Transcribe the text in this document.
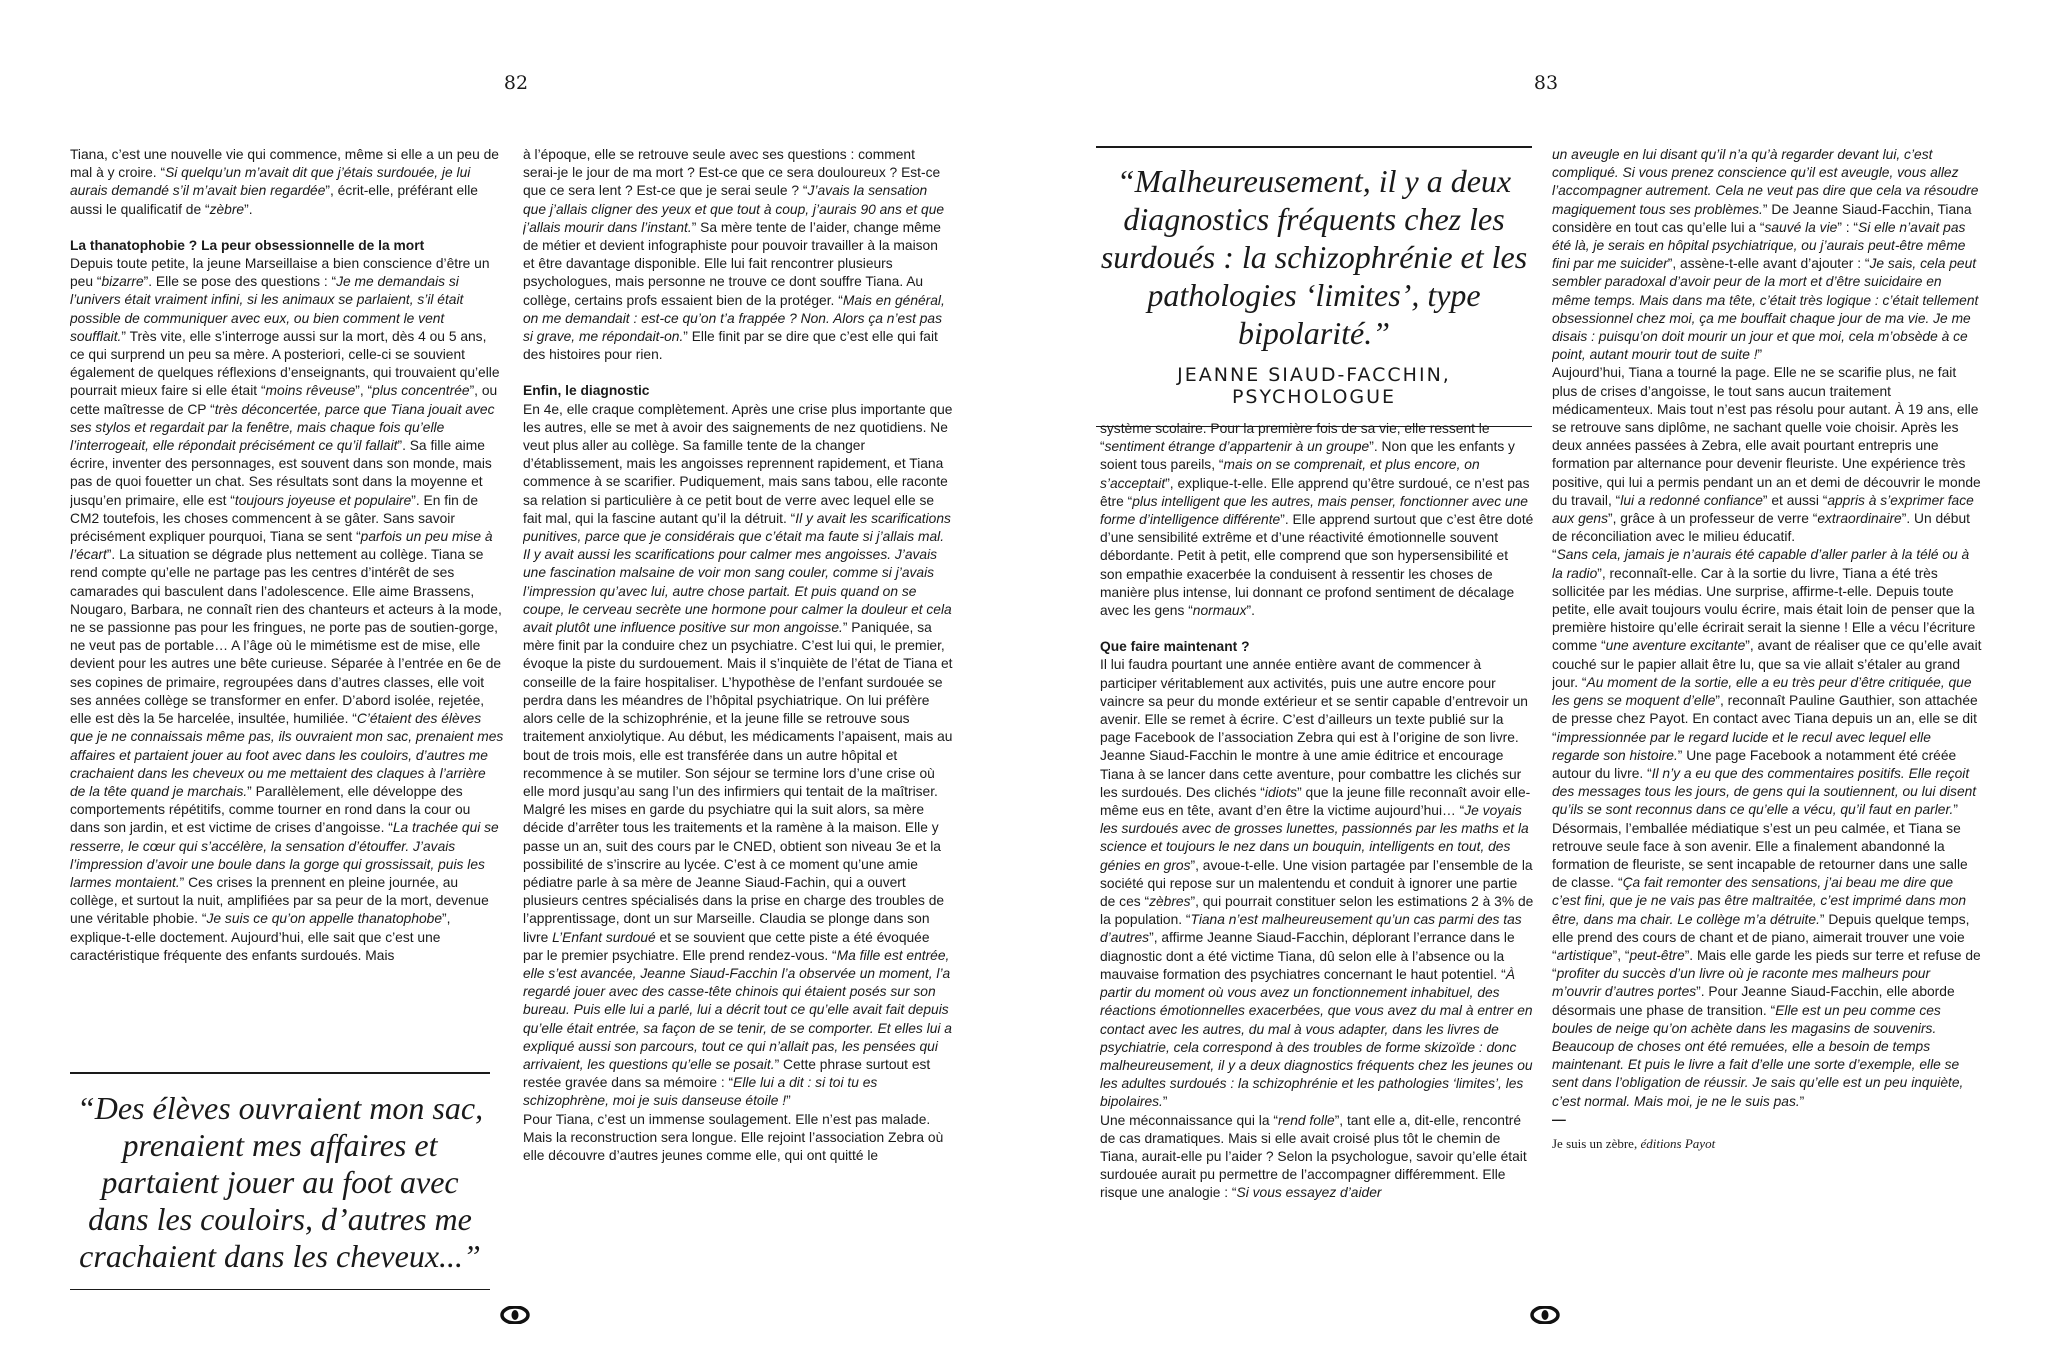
82	83

Tiana, c’est une nouvelle vie qui commence, même si elle a un peu de mal à y croire. “Si quelqu’un m’avait dit que j’étais surdouée, je lui aurais demandé s’il m’avait bien regardée”, écrit-elle, préférant elle aussi le qualificatif de “zèbre”.

La thanatophobie ? La peur obsessionnelle de la mort

Depuis toute petite, la jeune Marseillaise a bien conscience d’être un peu “bizarre”. Elle se pose des questions : “Je me demandais si l’univers était vraiment infini, si les animaux se parlaient, s’il était possible de communiquer avec eux, ou bien comment le vent soufflait.” Très vite, elle s’interroge aussi sur la mort, dès 4 ou 5 ans, ce qui surprend un peu sa mère. A posteriori, celle-ci se souvient également de quelques réflexions d’enseignants, qui trouvaient qu’elle pourrait mieux faire si elle était “moins rêveuse”, “plus concentrée”, ou cette maîtresse de CP “très déconcertée, parce que Tiana jouait avec ses stylos et regardait par la fenêtre, mais chaque fois qu’elle l’interrogeait, elle répondait précisément ce qu’il fallait”. Sa fille aime écrire, inventer des personnages, est souvent dans son monde, mais pas de quoi fouetter un chat. Ses résultats sont dans la moyenne et jusqu’en primaire, elle est “toujours joyeuse et populaire”. En fin de CM2 toutefois, les choses commencent à se gâter. Sans savoir précisément expliquer pourquoi, Tiana se sent “parfois un peu mise à l’écart”. La situation se dégrade plus nettement au collège. Tiana se rend compte qu’elle ne partage pas les centres d’intérêt de ses camarades qui basculent dans l’adolescence. Elle aime Brassens, Nougaro, Barbara, ne connaît rien des chanteurs et acteurs à la mode, ne se passionne pas pour les fringues, ne porte pas de soutien-gorge, ne veut pas de portable… A l’âge où le mimétisme est de mise, elle devient pour les autres une bête curieuse. Séparée à l’entrée en 6e de ses copines de primaire, regroupées dans d’autres classes, elle voit ses années collège se transformer en enfer. D’abord isolée, rejetée, elle est dès la 5e harcelée, insultée, humiliée. “C’étaient des élèves que je ne connaissais même pas, ils ouvraient mon sac, prenaient mes affaires et partaient jouer au foot avec dans les couloirs, d’autres me crachaient dans les cheveux ou me mettaient des claques à l’arrière de la tête quand je marchais.” Parallèlement, elle développe des comportements répétitifs, comme tourner en rond dans la cour ou dans son jardin, et est victime de crises d’angoisse. “La trachée qui se resserre, le cœur qui s’accélère, la sensation d’étouffer. J’avais l’impression d’avoir une boule dans la gorge qui grossissait, puis les larmes montaient.” Ces crises la prennent en pleine journée, au collège, et surtout la nuit, amplifiées par sa peur de la mort, devenue une véritable phobie. “Je suis ce qu’on appelle thanatophobe”, explique-t-elle doctement. Aujourd’hui, elle sait que c’est une caractéristique fréquente des enfants surdoués. Mais

“Des élèves ouvraient mon sac, prenaient mes affaires et partaient jouer au foot avec dans les couloirs, d’autres me crachaient dans les cheveux...”

à l’époque, elle se retrouve seule avec ses questions : comment serai-je le jour de ma mort ? Est-ce que ce sera douloureux ? Est-ce que ce sera lent ? Est-ce que je serai seule ? “J’avais la sensation que j’allais cligner des yeux et que tout à coup, j’aurais 90 ans et que j’allais mourir dans l’instant.” Sa mère tente de l’aider, change même de métier et devient infographiste pour pouvoir travailler à la maison et être davantage disponible. Elle lui fait rencontrer plusieurs psychologues, mais personne ne trouve ce dont souffre Tiana. Au collège, certains profs essaient bien de la protéger. “Mais en général, on me demandait : est-ce qu’on t’a frappée ? Non. Alors ça n’est pas si grave, me répondait-on.” Elle finit par se dire que c’est elle qui fait des histoires pour rien.

Enfin, le diagnostic

En 4e, elle craque complètement. Après une crise plus importante que les autres, elle se met à avoir des saignements de nez quotidiens. Ne veut plus aller au collège. Sa famille tente de la changer d’établissement, mais les angoisses reprennent rapidement, et Tiana commence à se scarifier. Pudiquement, mais sans tabou, elle raconte sa relation si particulière à ce petit bout de verre avec lequel elle se fait mal, qui la fascine autant qu’il la détruit. “Il y avait les scarifications punitives, parce que je considérais que c’était ma faute si j’allais mal. Il y avait aussi les scarifications pour calmer mes angoisses. J’avais une fascination malsaine de voir mon sang couler, comme si j’avais l’impression qu’avec lui, autre chose partait. Et puis quand on se coupe, le cerveau secrète une hormone pour calmer la douleur et cela avait plutôt une influence positive sur mon angoisse.” Paniquée, sa mère finit par la conduire chez un psychiatre. C’est lui qui, le premier, évoque la piste du surdouement. Mais il s’inquiète de l’état de Tiana et conseille de la faire hospitaliser. L’hypothèse de l’enfant surdouée se perdra dans les méandres de l’hôpital psychiatrique. On lui préfère alors celle de la schizophrénie, et la jeune fille se retrouve sous traitement anxiolytique. Au début, les médicaments l’apaisent, mais au bout de trois mois, elle est transférée dans un autre hôpital et recommence à se mutiler. Son séjour se termine lors d’une crise où elle mord jusqu’au sang l’un des infirmiers qui tentait de la maîtriser. Malgré les mises en garde du psychiatre qui la suit alors, sa mère décide d’arrêter tous les traitements et la ramène à la maison. Elle y passe un an, suit des cours par le CNED, obtient son niveau 3e et la possibilité de s’inscrire au lycée. C’est à ce moment qu’une amie pédiatre parle à sa mère de Jeanne Siaud-Fachin, qui a ouvert plusieurs centres spécialisés dans la prise en charge des troubles de l’apprentissage, dont un sur Marseille. Claudia se plonge dans son livre L’Enfant surdoué et se souvient que cette piste a été évoquée par le premier psychiatre. Elle prend rendez-vous. “Ma fille est entrée, elle s’est avancée, Jeanne Siaud-Facchin l’a observée un moment, l’a regardé jouer avec des casse-tête chinois qui étaient posés sur son bureau. Puis elle lui a parlé, lui a décrit tout ce qu’elle avait fait depuis qu’elle était entrée, sa façon de se tenir, de se comporter. Et elles lui a expliqué aussi son parcours, tout ce qui n’allait pas, les pensées qui arrivaient, les questions qu’elle se posait.” Cette phrase surtout est restée gravée dans sa mémoire : “Elle lui a dit : si toi tu es schizophrène, moi je suis danseuse étoile !”

Pour Tiana, c’est un immense soulagement. Elle n’est pas malade. Mais la reconstruction sera longue. Elle rejoint l’association Zebra où elle découvre d’autres jeunes comme elle, qui ont quitté le

“Malheureusement, il y a deux diagnostics fréquents chez les surdoués : la schizophrénie et les pathologies ‘limites’, type bipolarité.”
JEANNE SIAUD-FACCHIN, PSYCHOLOGUE

système scolaire. Pour la première fois de sa vie, elle ressent le “sentiment étrange d’appartenir à un groupe”. Non que les enfants y soient tous pareils, “mais on se comprenait, et plus encore, on s’acceptait”, explique-t-elle. Elle apprend qu’être surdoué, ce n’est pas être “plus intelligent que les autres, mais penser, fonctionner avec une forme d’intelligence différente”. Elle apprend surtout que c’est être doté d’une sensibilité extrême et d’une réactivité émotionnelle souvent débordante. Petit à petit, elle comprend que son hypersensibilité et son empathie exacerbée la conduisent à ressentir les choses de manière plus intense, lui donnant ce profond sentiment de décalage avec les gens “normaux”.

Que faire maintenant ?

Il lui faudra pourtant une année entière avant de commencer à participer véritablement aux activités, puis une autre encore pour vaincre sa peur du monde extérieur et se sentir capable d’entrevoir un avenir. Elle se remet à écrire. C’est d’ailleurs un texte publié sur la page Facebook de l’association Zebra qui est à l’origine de son livre. Jeanne Siaud-Facchin le montre à une amie éditrice et encourage Tiana à se lancer dans cette aventure, pour combattre les clichés sur les surdoués. Des clichés “idiots” que la jeune fille reconnaît avoir elle-même eus en tête, avant d’en être la victime aujourd’hui… “Je voyais les surdoués avec de grosses lunettes, passionnés par les maths et la science et toujours le nez dans un bouquin, intelligents en tout, des génies en gros”, avoue-t-elle. Une vision partagée par l’ensemble de la société qui repose sur un malentendu et conduit à ignorer une partie de ces “zèbres”, qui pourrait constituer selon les estimations 2 à 3% de la population. “Tiana n’est malheureusement qu’un cas parmi des tas d’autres”, affirme Jeanne Siaud-Facchin, déplorant l’errance dans le diagnostic dont a été victime Tiana, dû selon elle à l’absence ou la mauvaise formation des psychiatres concernant le haut potentiel. “À partir du moment où vous avez un fonctionnement inhabituel, des réactions émotionnelles exacerbées, que vous avez du mal à entrer en contact avec les autres, du mal à vous adapter, dans les livres de psychiatrie, cela correspond à des troubles de forme skizoïde : donc malheureusement, il y a deux diagnostics fréquents chez les jeunes ou les adultes surdoués : la schizophrénie et les pathologies ‘limites’, les bipolaires.”

Une méconnaissance qui la “rend folle”, tant elle a, dit-elle, rencontré de cas dramatiques. Mais si elle avait croisé plus tôt le chemin de Tiana, aurait-elle pu l’aider ? Selon la psychologue, savoir qu’elle était surdouée aurait pu permettre de l’accompagner différemment. Elle risque une analogie : “Si vous essayez d’aider

un aveugle en lui disant qu’il n’a qu’à regarder devant lui, c’est compliqué. Si vous prenez conscience qu’il est aveugle, vous allez l’accompagner autrement. Cela ne veut pas dire que cela va résoudre magiquement tous ses problèmes.” De Jeanne Siaud-Facchin, Tiana considère en tout cas qu’elle lui a “sauvé la vie” : “Si elle n’avait pas été là, je serais en hôpital psychiatrique, ou j’aurais peut-être même fini par me suicider”, assène-t-elle avant d’ajouter : “Je sais, cela peut sembler paradoxal d’avoir peur de la mort et d’être suicidaire en même temps. Mais dans ma tête, c’était très logique : c’était tellement obsessionnel chez moi, ça me bouffait chaque jour de ma vie. Je me disais : puisqu’on doit mourir un jour et que moi, cela m’obsède à ce point, autant mourir tout de suite !”

Aujourd’hui, Tiana a tourné la page. Elle ne se scarifie plus, ne fait plus de crises d’angoisse, le tout sans aucun traitement médicamenteux. Mais tout n’est pas résolu pour autant. À 19 ans, elle se retrouve sans diplôme, ne sachant quelle voie choisir. Après les deux années passées à Zebra, elle avait pourtant entrepris une formation par alternance pour devenir fleuriste. Une expérience très positive, qui lui a permis pendant un an et demi de découvrir le monde du travail, “lui a redonné confiance” et aussi “appris à s’exprimer face aux gens”, grâce à un professeur de verre “extraordinaire”. Un début de réconciliation avec le milieu éducatif.

“Sans cela, jamais je n’aurais été capable d’aller parler à la télé ou à la radio”, reconnaît-elle. Car à la sortie du livre, Tiana a été très sollicitée par les médias. Une surprise, affirme-t-elle. Depuis toute petite, elle avait toujours voulu écrire, mais était loin de penser que la première histoire qu’elle écrirait serait la sienne ! Elle a vécu l’écriture comme “une aventure excitante”, avant de réaliser que ce qu’elle avait couché sur le papier allait être lu, que sa vie allait s’étaler au grand jour. “Au moment de la sortie, elle a eu très peur d’être critiquée, que les gens se moquent d’elle”, reconnaît Pauline Gauthier, son attachée de presse chez Payot. En contact avec Tiana depuis un an, elle se dit “impressionnée par le regard lucide et le recul avec lequel elle regarde son histoire.” Une page Facebook a notamment été créée autour du livre. “Il n’y a eu que des commentaires positifs. Elle reçoit des messages tous les jours, de gens qui la soutiennent, ou lui disent qu’ils se sont reconnus dans ce qu’elle a vécu, qu’il faut en parler.”

Désormais, l’emballée médiatique s’est un peu calmée, et Tiana se retrouve seule face à son avenir. Elle a finalement abandonné la formation de fleuriste, se sent incapable de retourner dans une salle de classe. “Ça fait remonter des sensations, j’ai beau me dire que c’est fini, que je ne vais pas être maltraitée, c’est imprimé dans mon être, dans ma chair. Le collège m’a détruite.” Depuis quelque temps, elle prend des cours de chant et de piano, aimerait trouver une voie “artistique”, “peut-être”. Mais elle garde les pieds sur terre et refuse de “profiter du succès d’un livre où je raconte mes malheurs pour m’ouvrir d’autres portes”. Pour Jeanne Siaud-Facchin, elle aborde désormais une phase de transition. “Elle est un peu comme ces boules de neige qu’on achète dans les magasins de souvenirs. Beaucoup de choses ont été remuées, elle a besoin de temps maintenant. Et puis le livre a fait d’elle une sorte d’exemple, elle se sent dans l’obligation de réussir. Je sais qu’elle est un peu inquiète, c’est normal. Mais moi, je ne le suis pas.”

—

Je suis un zèbre, éditions Payot
